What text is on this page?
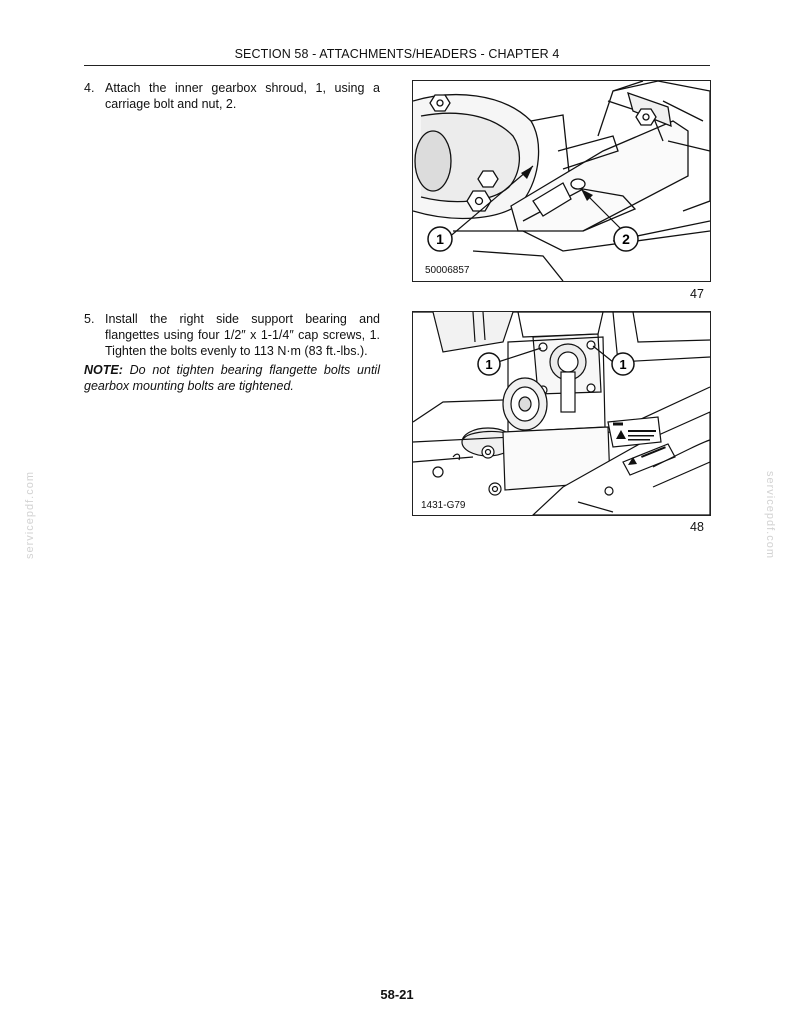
SECTION 58 - ATTACHMENTS/HEADERS - CHAPTER 4
4. Attach the inner gearbox shroud, 1, using a carriage bolt and nut, 2.
5. Install the right side support bearing and flangettes using four 1/2″ x 1-1/4″ cap screws, 1. Tighten the bolts evenly to 113 N·m (83 ft.-lbs.).
NOTE: Do not tighten bearing flangette bolts until gearbox mounting bolts are tightened.
1	2
50006857
47
1	1
1431-G79
48
servicepdf.com	servicepdf.com
58-21
